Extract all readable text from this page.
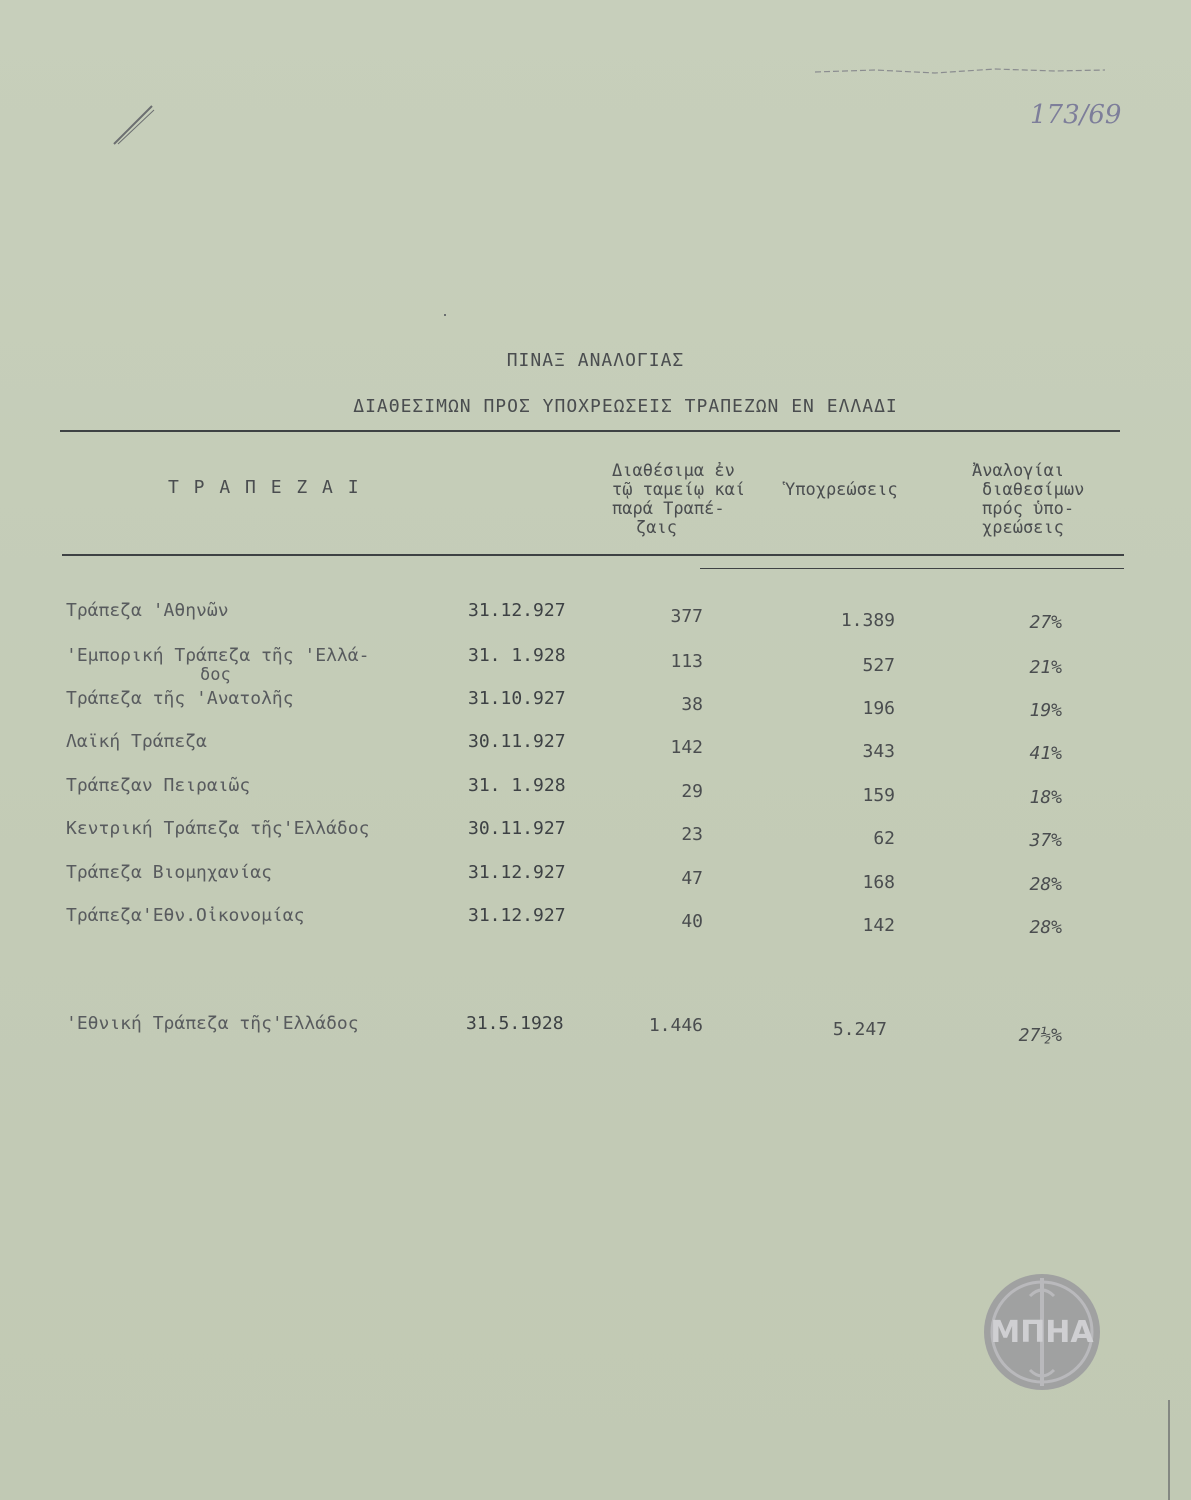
173/69
ΠΙΝΑΞ ΑΝΑΛΟΓΙΑΣ
ΔΙΑΘΕΣΙΜΩΝ ΠΡΟΣ ΥΠΟΧΡΕΩΣΕΙΣ ΤΡΑΠΕΖΩΝ ΕΝ ΕΛΛΑΔΙ
Τ Ρ Α Π Ε Ζ Α Ι
Διαθέσιμα ἐν
τῷ ταμείῳ καί
παρά Τραπέ-
ζαις
Ὑποχρεώσεις
Ἀναλογίαι
διαθεσίμων
πρός ὑπο-
χρεώσεις
Τράπεζα 'Αθηνῶν	31.12.927	377	1.389	27%
'Εμπορική Τράπεζα τῆς 'Ελλά-
δος
31. 1.928	113	527	21%
Τράπεζα τῆς 'Ανατολῆς	31.10.927	38	196	19%
Λαϊκή Τράπεζα	30.11.927	142	343	41%
Τράπεζαν Πειραιῶς	31. 1.928	29	159	18%
Κεντρική Τράπεζα τῆς'Ελλάδος	30.11.927	23	62	37%
Τράπεζα Βιομηχανίας	31.12.927	47	168	28%
Τράπεζα'Εθν.Οἰκονομίας	31.12.927	40	142	28%
'Εθνική Τράπεζα τῆς'Ελλάδος	31.5.1928	1.446	5.247	27½%
ΜΠΗΑ
